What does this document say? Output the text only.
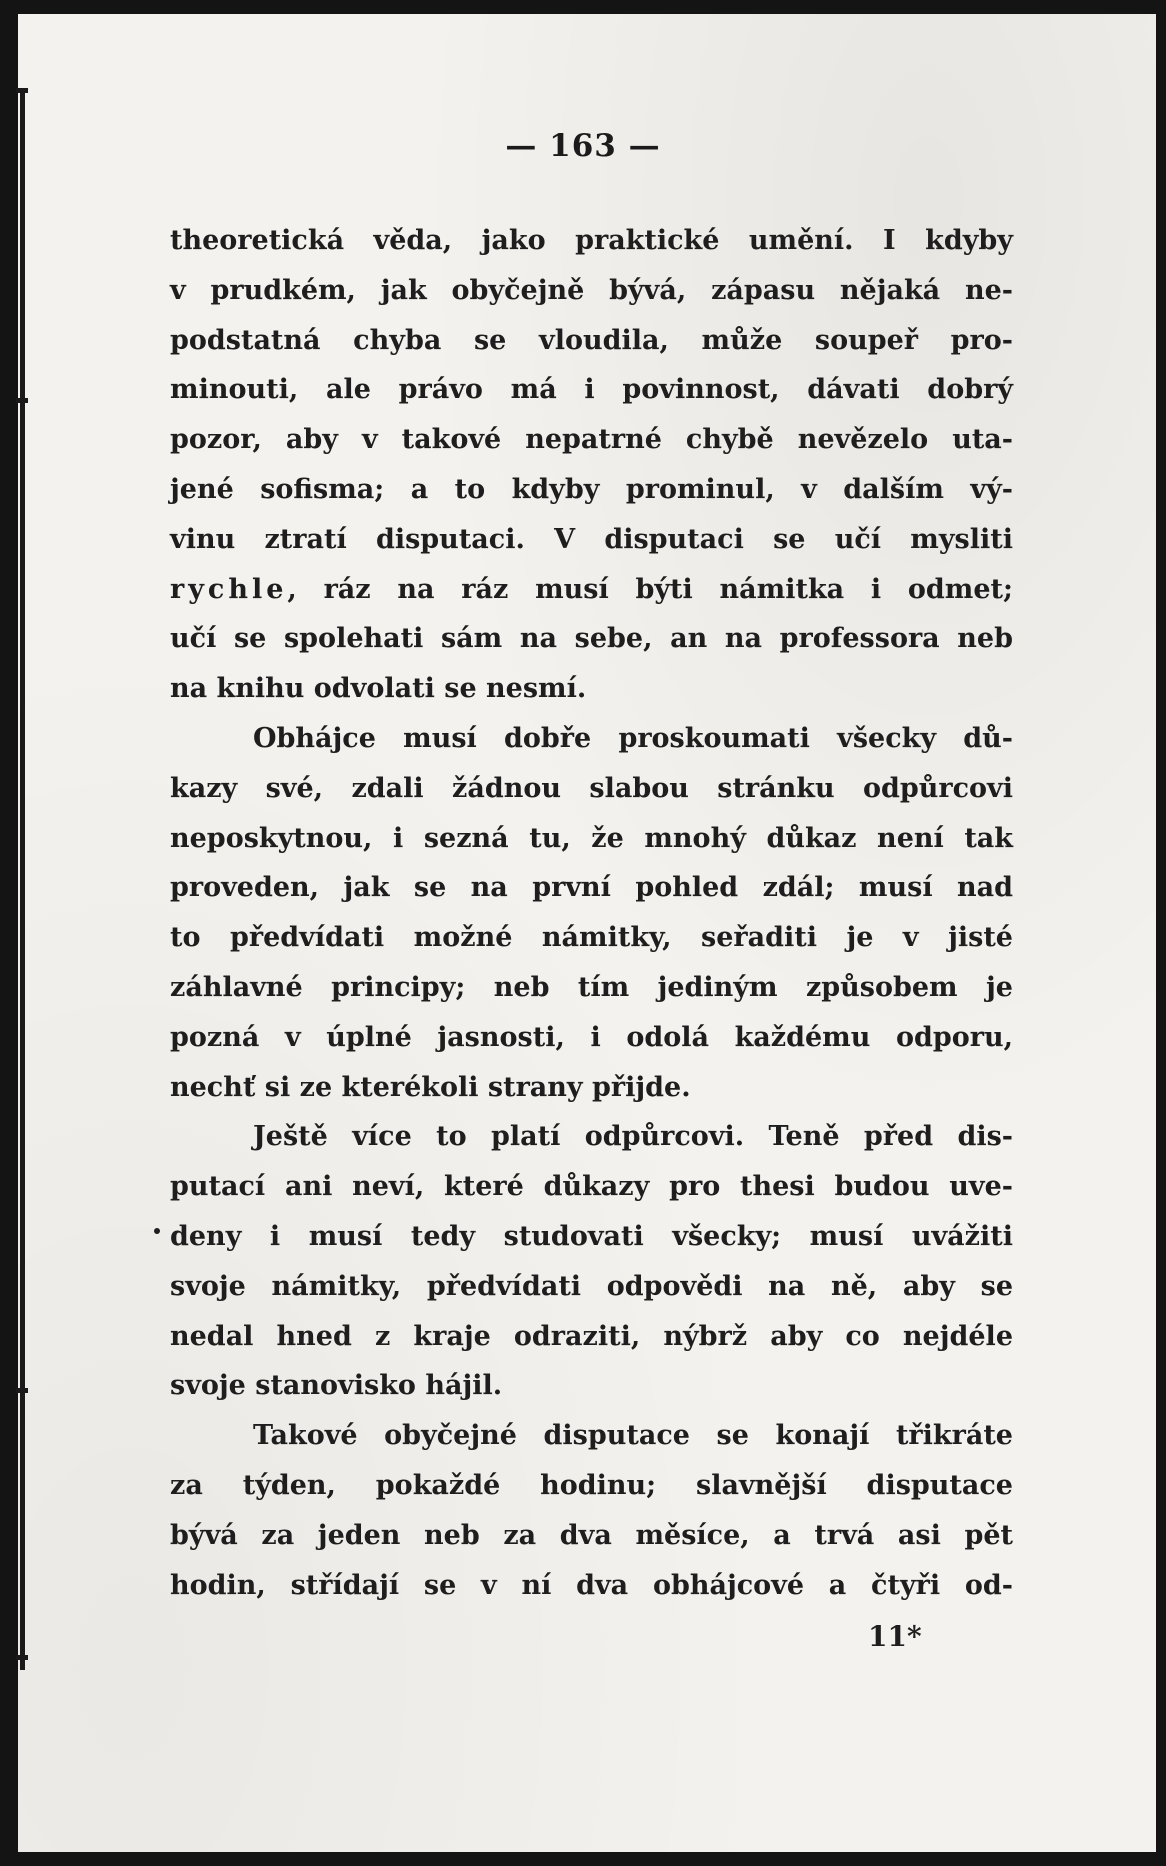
— 163 —
theoretická věda, jako praktické umění. I kdyby
v prudkém, jak obyčejně bývá, zápasu nějaká ne-
podstatná chyba se vloudila, může soupeř pro-
minouti, ale právo má i povinnost, dávati dobrý
pozor, aby v takové nepatrné chybě nevězelo uta-
jené sofisma; a to kdyby prominul, v dalším vý-
vinu ztratí disputaci. V disputaci se učí mysliti
rychle, ráz na ráz musí býti námitka i odmet;
učí se spolehati sám na sebe, an na professora neb
na knihu odvolati se nesmí.
Obhájce musí dobře proskoumati všecky dů-
kazy své, zdali žádnou slabou stránku odpůrcovi
neposkytnou, i sezná tu, že mnohý důkaz není tak
proveden, jak se na první pohled zdál; musí nad
to předvídati možné námitky, seřaditi je v jisté
záhlavné principy; neb tím jediným způsobem je
pozná v úplné jasnosti, i odolá každému odporu,
nechť si ze kterékoli strany přijde.
Ještě více to platí odpůrcovi. Teně před dis-
putací ani neví, které důkazy pro thesi budou uve-
deny i musí tedy studovati všecky; musí uvážiti
svoje námitky, předvídati odpovědi na ně, aby se
nedal hned z kraje odraziti, nýbrž aby co nejdéle
svoje stanovisko hájil.
Takové obyčejné disputace se konají třikráte
za týden, pokaždé hodinu; slavnější disputace
bývá za jeden neb za dva měsíce, a trvá asi pět
hodin, střídají se v ní dva obhájcové a čtyři od-
11*
